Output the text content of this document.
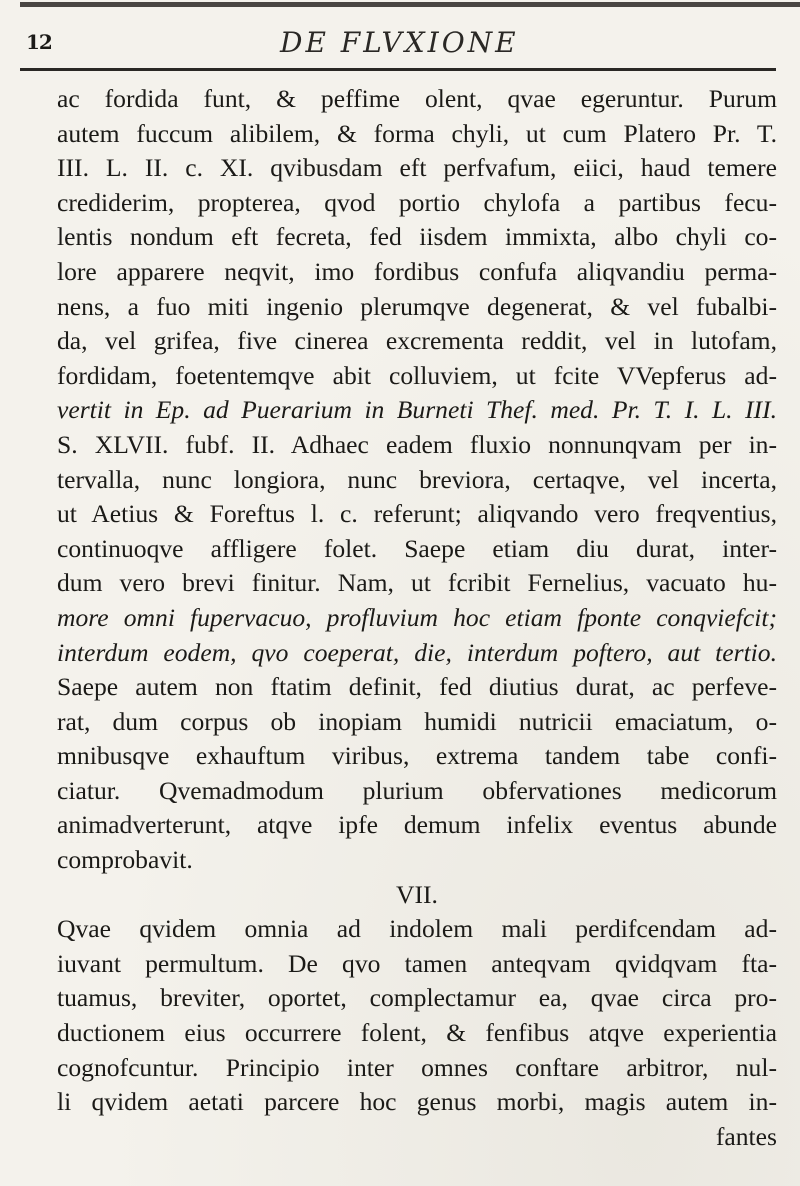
12	DE FLVXIONE
ac fordida funt, & peffime olent, qvae egeruntur. Purum
autem fuccum alibilem, & forma chyli, ut cum Platero Pr. T.
III. L. II. c. XI. qvibusdam eft perfvafum, eiici, haud temere
crediderim, propterea, qvod portio chylofa a partibus fecu-
lentis nondum eft fecreta, fed iisdem immixta, albo chyli co-
lore apparere neqvit, imo fordibus confufa aliqvandiu perma-
nens, a fuo miti ingenio plerumqve degenerat, & vel fubalbi-
da, vel grifea, five cinerea excrementa reddit, vel in lutofam,
fordidam, foetentemqve abit colluviem, ut fcite VVepferus ad-
vertit in Ep. ad Puerarium in Burneti Thef. med. Pr. T. I. L. III.
S. XLVII. fubf. II. Adhaec eadem fluxio nonnunqvam per in-
tervalla, nunc longiora, nunc breviora, certaqve, vel incerta,
ut Aetius & Foreftus l. c. referunt; aliqvando vero freqventius,
continuoqve affligere folet. Saepe etiam diu durat, inter-
dum vero brevi finitur. Nam, ut fcribit Fernelius, vacuato hu-
more omni fupervacuo, profluvium hoc etiam fponte conqviefcit;
interdum eodem, qvo coeperat, die, interdum poftero, aut tertio.
Saepe autem non ftatim definit, fed diutius durat, ac perfeve-
rat, dum corpus ob inopiam humidi nutricii emaciatum, o-
mnibusqve exhauftum viribus, extrema tandem tabe confi-
ciatur. Qvemadmodum plurium obfervationes medicorum
animadverterunt, atqve ipfe demum infelix eventus abunde
comprobavit.
VII.
Qvae qvidem omnia ad indolem mali perdifcendam ad-
iuvant permultum. De qvo tamen anteqvam qvidqvam fta-
tuamus, breviter, oportet, complectamur ea, qvae circa pro-
ductionem eius occurrere folent, & fenfibus atqve experientia
cognofcuntur. Principio inter omnes conftare arbitror, nul-
li qvidem aetati parcere hoc genus morbi, magis autem in-
fantes
